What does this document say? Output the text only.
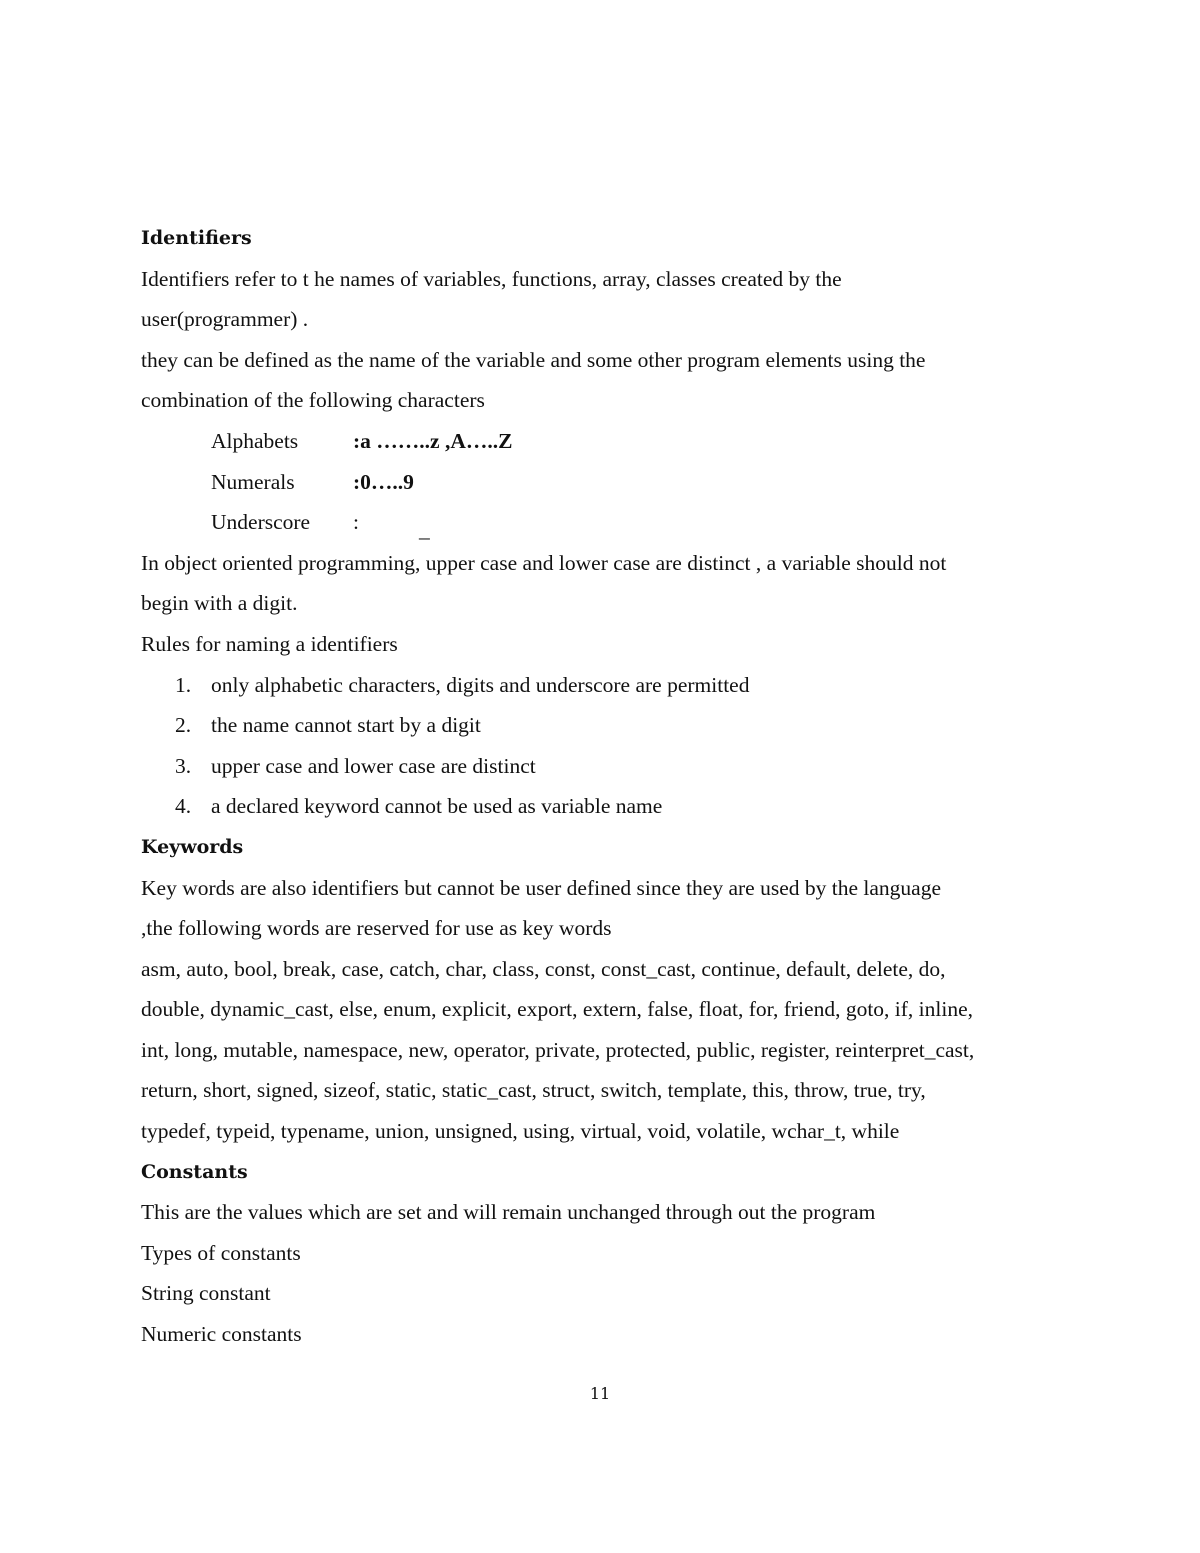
Identifiers
Identifiers refer to t he names of variables, functions, array, classes created by the
user(programmer) .
they can be defined as the name of the variable and some other program elements using the
combination of the following characters
Alphabets	:a ……..z ,A…..Z
Numerals	:0…..9
Underscore :	_
In object oriented programming, upper case and lower case are distinct , a variable should not
begin with a digit.
Rules for naming a identifiers
1. only alphabetic characters, digits and underscore are permitted
2. the name cannot start by a digit
3. upper case and lower case are distinct
4. a declared keyword cannot be used as variable name
Keywords
Key words are also identifiers but cannot be user defined since they are used by the language
,the following words are reserved for use as key words
asm, auto, bool, break, case, catch, char, class, const, const_cast, continue, default, delete, do,
double, dynamic_cast, else, enum, explicit, export, extern, false, float, for, friend, goto, if, inline,
int, long, mutable, namespace, new, operator, private, protected, public, register, reinterpret_cast,
return, short, signed, sizeof, static, static_cast, struct, switch, template, this, throw, true, try,
typedef, typeid, typename, union, unsigned, using, virtual, void, volatile, wchar_t, while
Constants
This are the values which are set and will remain unchanged through out the program
Types of constants
String constant
Numeric constants
11
